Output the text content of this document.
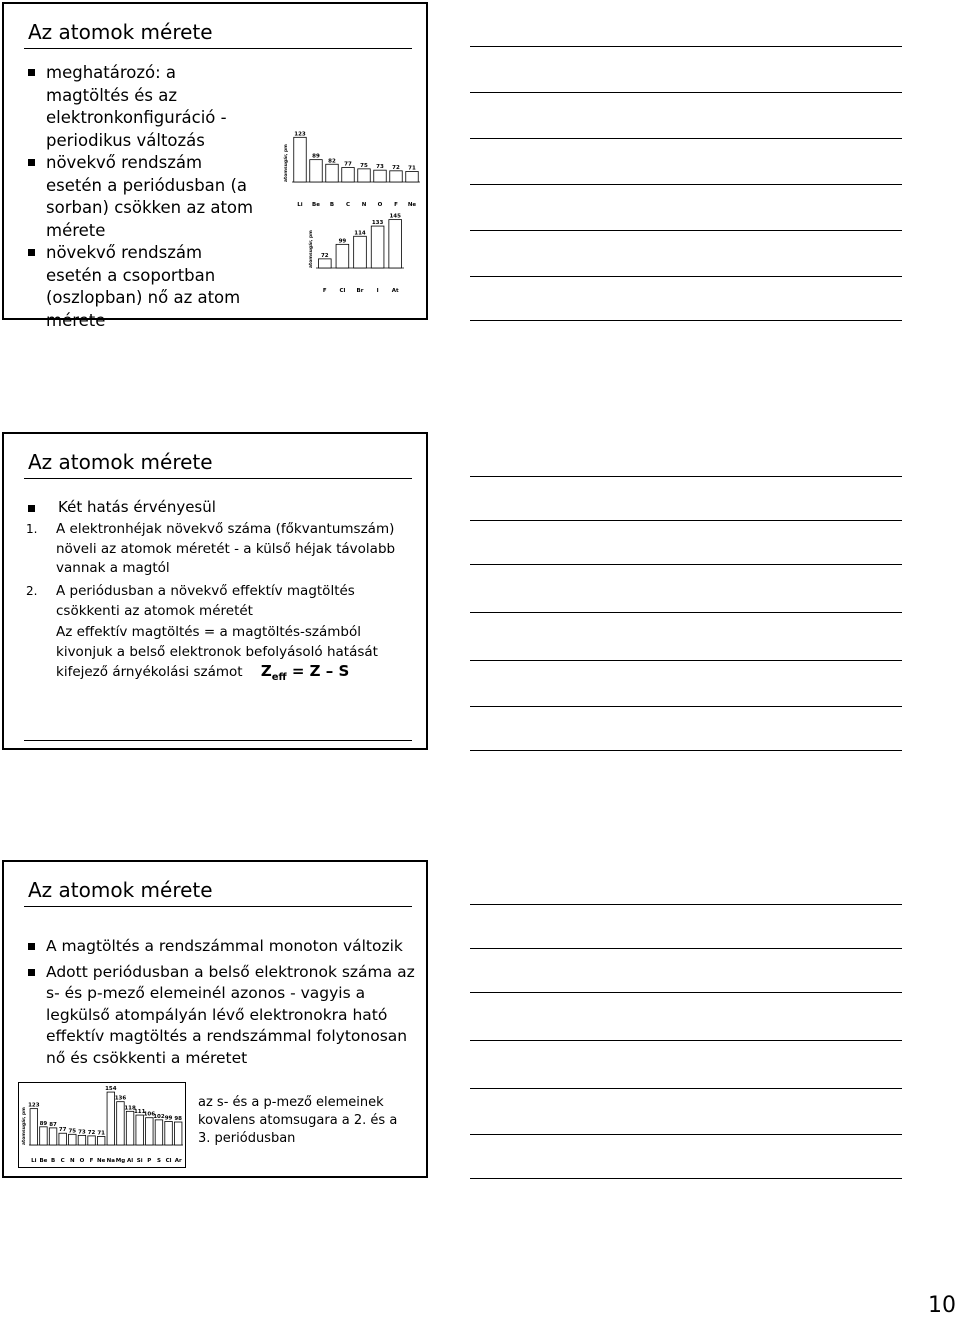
Az atomok mérete
meghatározó: a magtöltés és az elektronkonfiguráció - periodikus változás
növekvő rendszám esetén a periódusban (a sorban) csökken az atom mérete
növekvő rendszám esetén a csoportban (oszlopban) nő az atom mérete
atomsugár, pm
123
Li
89
Be
82
B
77
C
75
N
73
O
72
F
71
Ne
atomsugár, pm 72
F
99
Cl
114
Br
133
I
145
At
Az atomok mérete
Két hatás érvényesül
1. A elektronhéjak növekvő száma (főkvantumszám) növeli az atomok méretét - a külső héjak távolabb vannak a magtól
2. A periódusban a növekvő effektív magtöltés csökkenti az atomok méretét
Az effektív magtöltés = a magtöltés-számból kivonjuk a belső elektronok befolyásoló hatását kifejező árnyékolási számot $Z_{eff} = Z - S$
Az atomok mérete
A magtöltés a rendszámmal monoton változik
Adott periódusban a belső elektronok száma az s- és p-mező elemeinél azonos - vagyis a legkülső atompályán lévő elektronokra ható effektív magtöltés a rendszámmal folytonosan nő és csökkenti a méretet
atomsugár, pm
123
Li
89
Be
87
B
77
C
75
N
73
O
72
F
71
Ne
154
Na
136
Mg
118
Al
111
Si
106
P
102
S
99
Cl
98
Ar
az s- és a p-mező elemeinek kovalens atomsugara a 2. és a 3. periódusban
10
